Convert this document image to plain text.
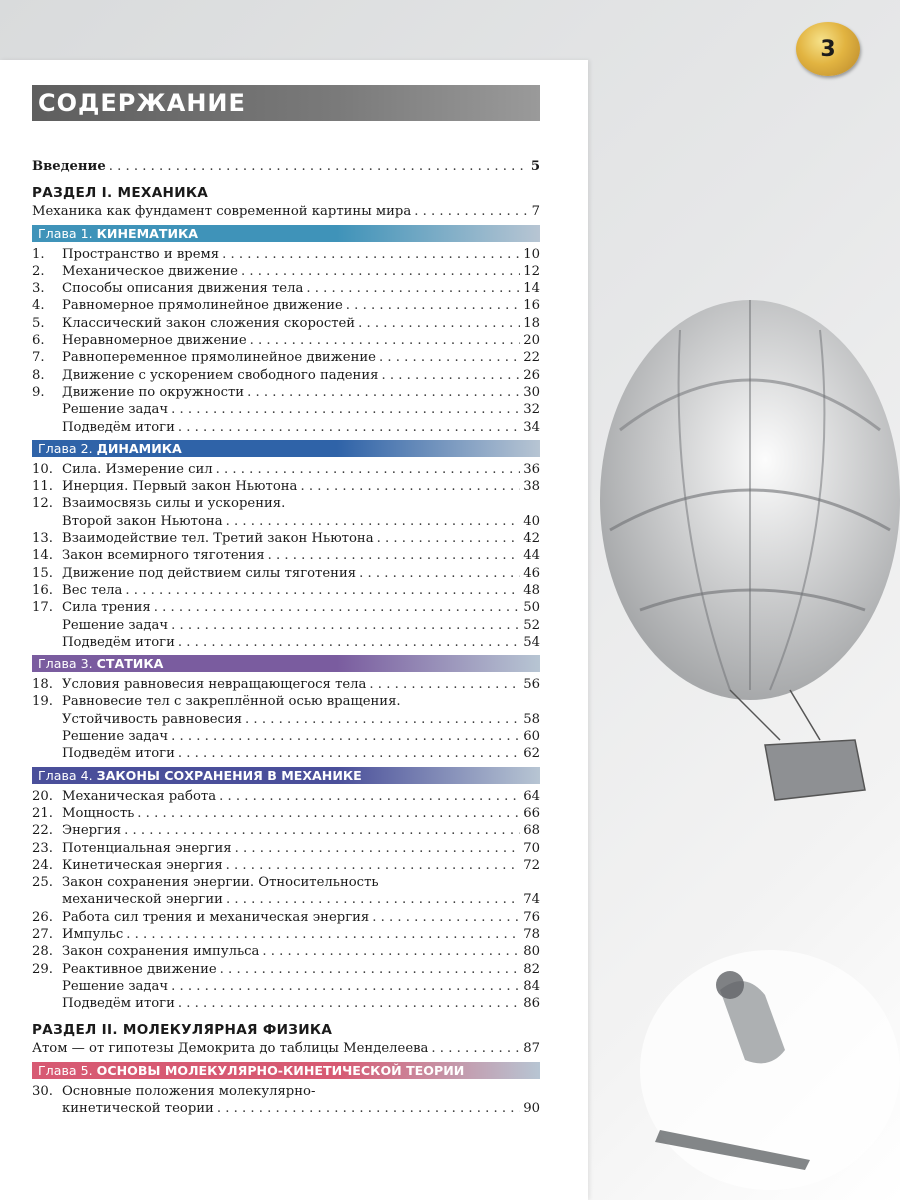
3
СОДЕРЖАНИЕ
Введение . . .	5
РАЗДЕЛ I. МЕХАНИКА
Механика как фундамент современной картины мира . . .	7
Глава 1. КИНЕМАТИКА
1.	Пространство и время . . .	10
2.	Механическое движение . . .	12
3.	Способы описания движения тела . . .	14
4.	Равномерное прямолинейное движение . . .	16
5.	Классический закон сложения скоростей . . .	18
6.	Неравномерное движение . . .	20
7.	Равнопеременное прямолинейное движение . . .	22
8.	Движение с ускорением свободного падения . . .	26
9.	Движение по окружности . . .	30
Решение задач . . .	32
Подведём итоги . . .	34
Глава 2. ДИНАМИКА
10. Сила. Измерение сил . . .	36
11. Инерция. Первый закон Ньютона . . .	38
12. Взаимосвязь силы и ускорения.
Второй закон Ньютона . . .	40
13. Взаимодействие тел. Третий закон Ньютона . . .	42
14. Закон всемирного тяготения . . .	44
15. Движение под действием силы тяготения . . .	46
16. Вес тела . . .	48
17. Сила трения . . .	50
Решение задач . . .	52
Подведём итоги . . .	54
Глава 3. СТАТИКА
18. Условия равновесия невращающегося тела . . .	56
19. Равновесие тел с закреплённой осью вращения.
Устойчивость равновесия . . .	58
Решение задач . . .	60
Подведём итоги . . .	62
Глава 4. ЗАКОНЫ СОХРАНЕНИЯ В МЕХАНИКЕ
20. Механическая работа . . .	64
21. Мощность . . .	66
22. Энергия . . .	68
23. Потенциальная энергия . . .	70
24. Кинетическая энергия . . .	72
25. Закон сохранения энергии. Относительность
механической энергии . . .	74
26. Работа сил трения и механическая энергия . . .	76
27. Импульс . . .	78
28. Закон сохранения импульса . . .	80
29. Реактивное движение . . .	82
Решение задач . . .	84
Подведём итоги . . .	86
РАЗДЕЛ II. МОЛЕКУЛЯРНАЯ ФИЗИКА
Атом — от гипотезы Демокрита до таблицы Менделеева . . .	87
Глава 5. ОСНОВЫ МОЛЕКУЛЯРНО-КИНЕТИЧЕСКОЙ ТЕОРИИ
30. Основные положения молекулярно-
кинетической теории . . .	90
